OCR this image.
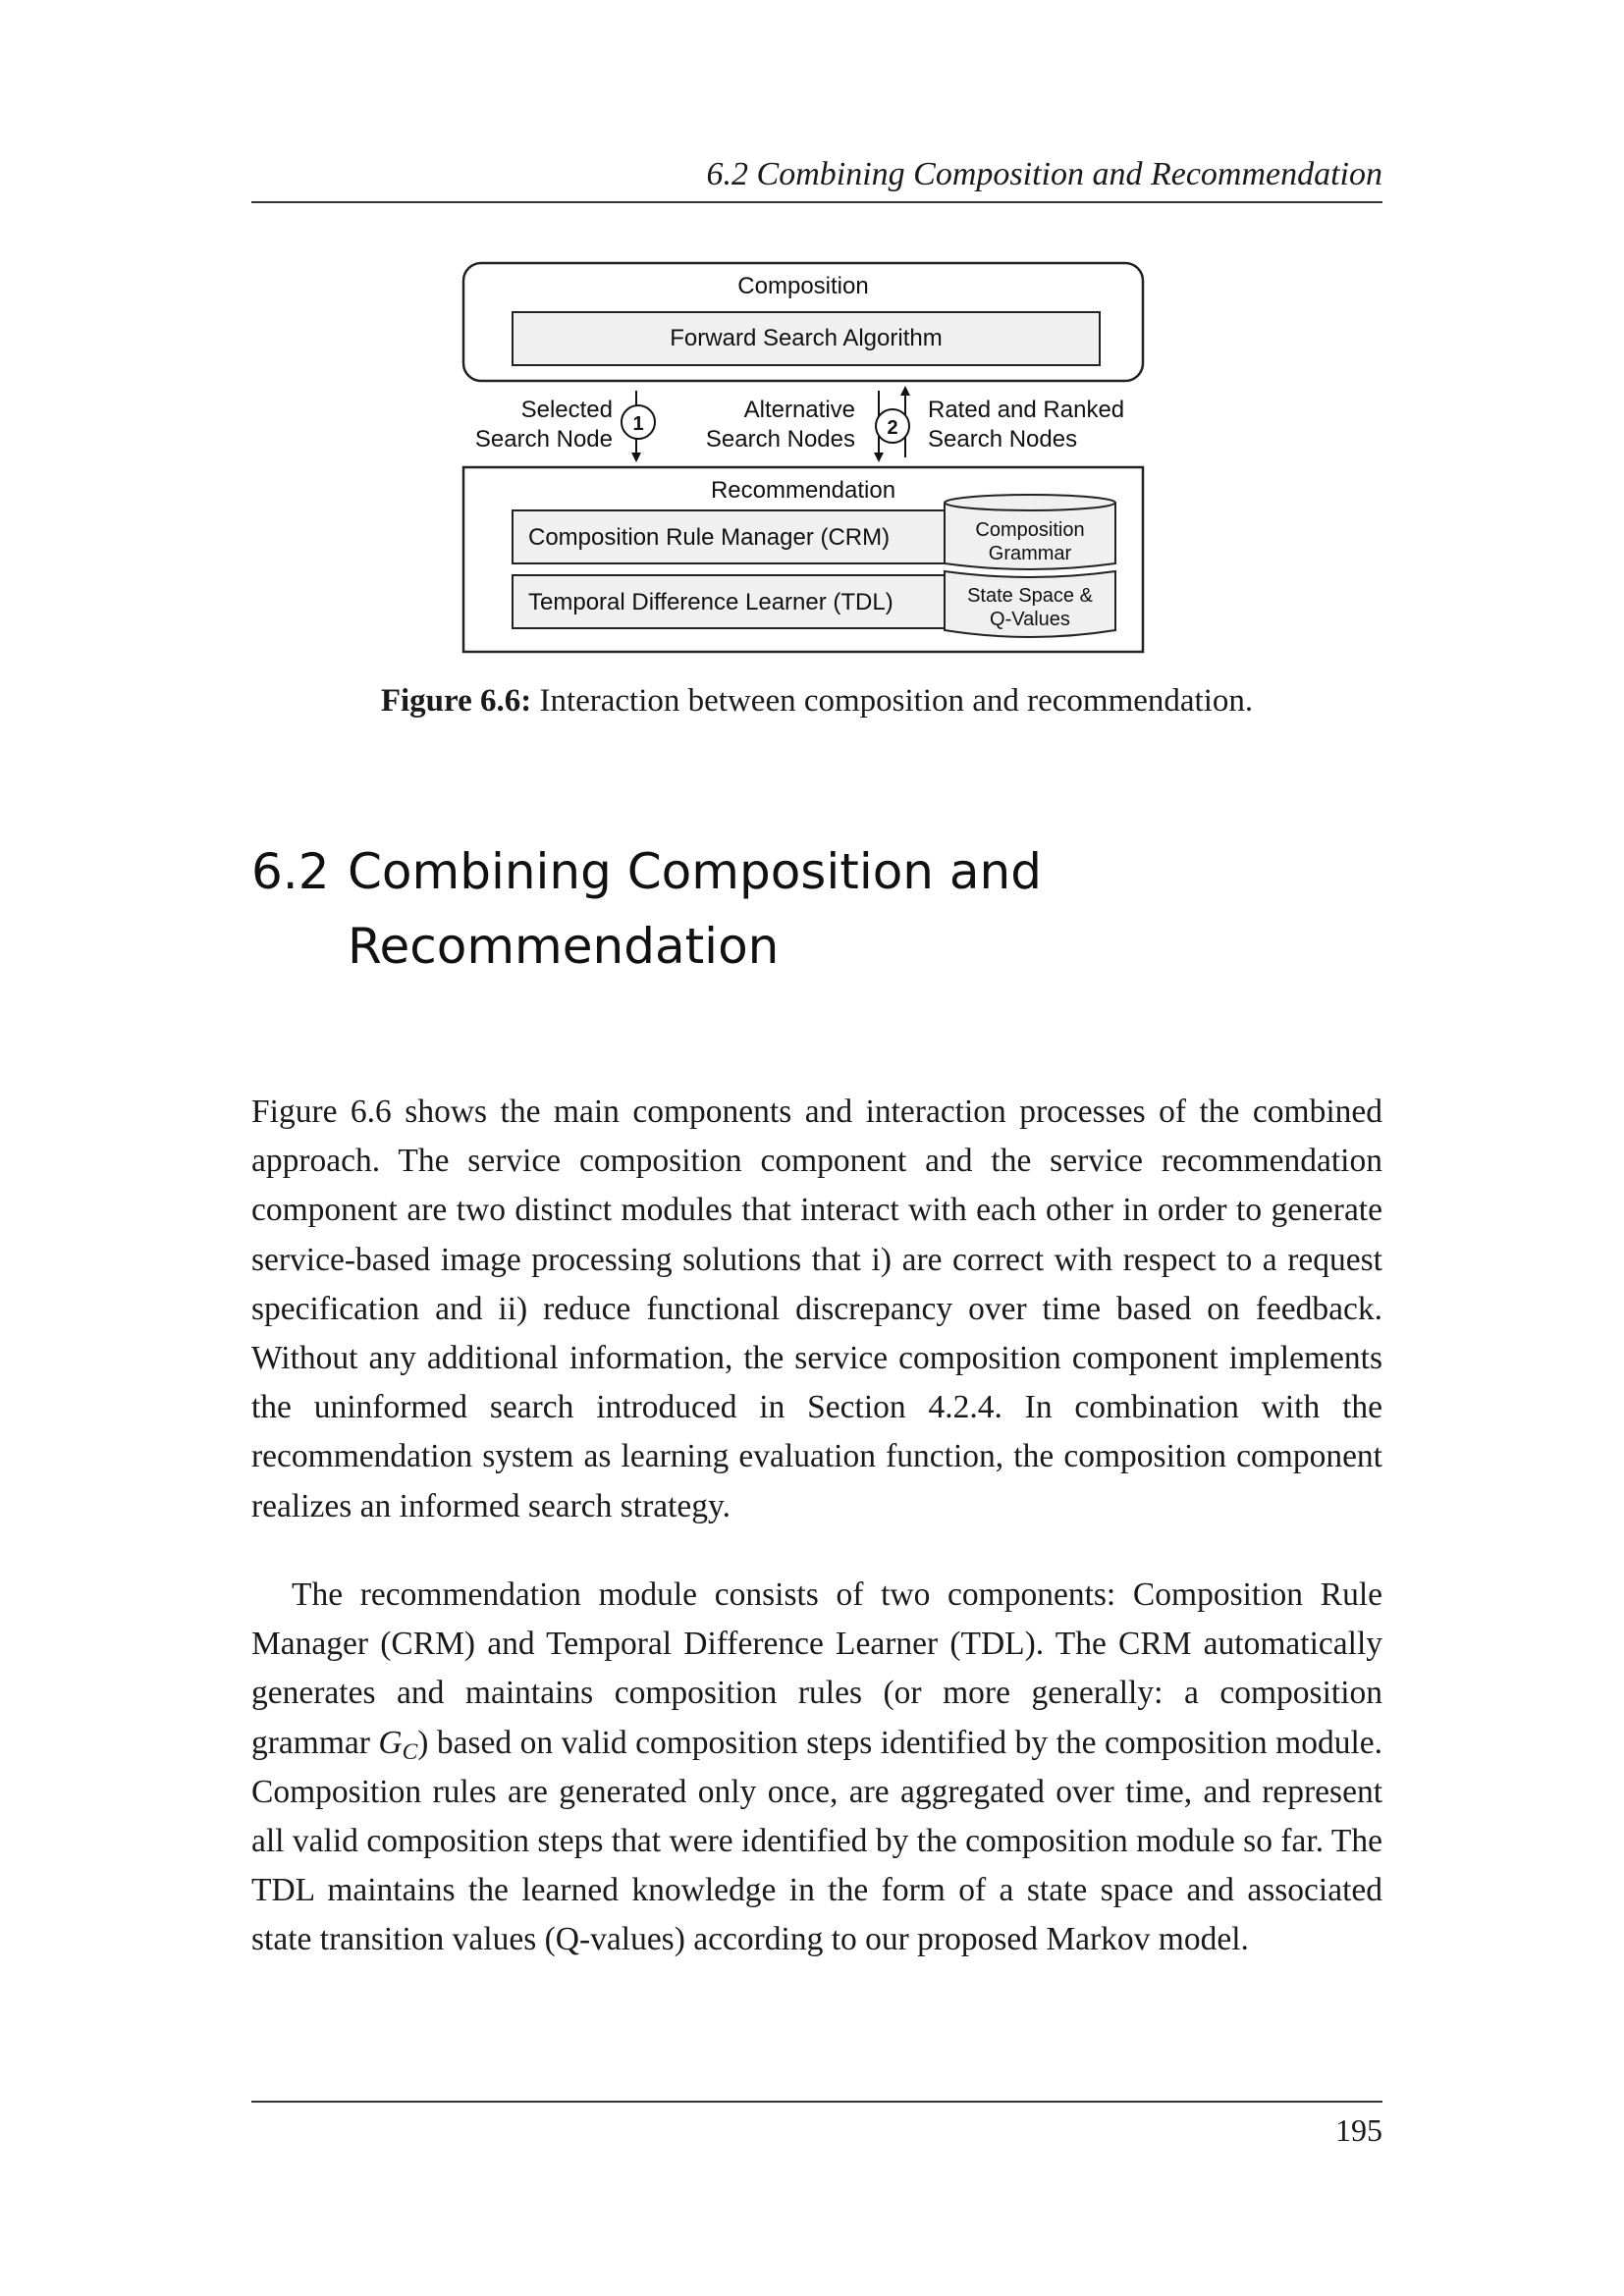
6.2 Combining Composition and Recommendation
Composition
Forward Search Algorithm
1
Selected
Search Node	2
Alternative
Search Nodes
Rated and Ranked
Search Nodes
Recommendation
Composition Rule Manager (CRM)
Temporal Difference Learner (TDL)
Composition
Grammar
State Space &
Q-Values
Figure 6.6: Interaction between composition and recommendation.
6.2 Combining Composition and
Recommendation

Figure 6.6 shows the main components and interaction processes of the combined approach. The service composition component and the service recommendation component are two distinct modules that interact with each other in order to generate service-based image processing solutions that i) are correct with respect to a request specification and ii) reduce functional discrepancy over time based on feedback. Without any additional information, the service composition component implements the uninformed search introduced in Section 4.2.4. In combination with the recommendation system as learning evaluation function, the composition component realizes an informed search strategy.

The recommendation module consists of two components: Composition Rule Manager (CRM) and Temporal Difference Learner (TDL). The CRM automatically generates and maintains composition rules (or more generally: a composition grammar $G_C$) based on valid composition steps identified by the composition module. Composition rules are generated only once, are aggregated over time, and represent all valid composition steps that were identified by the composition module so far. The TDL maintains the learned knowledge in the form of a state space and associated state transition values (Q-values) according to our proposed Markov model.

195
